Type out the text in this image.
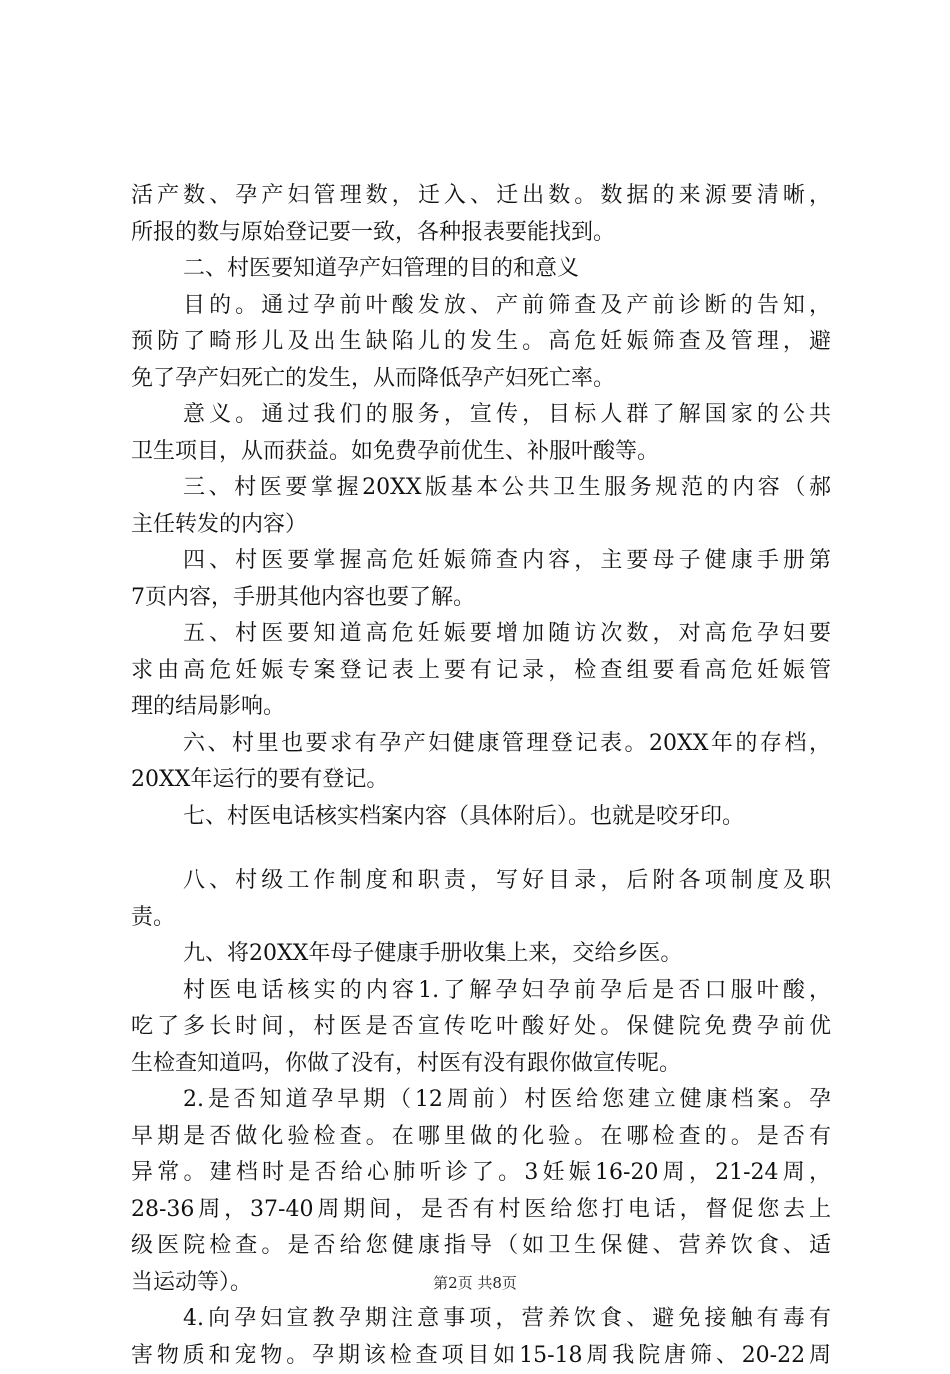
活产数、孕产妇管理数，迁入、迁出数。数据的来源要清晰，
所报的数与原始登记要一致，各种报表要能找到。
二、村医要知道孕产妇管理的目的和意义
目的。通过孕前叶酸发放、产前筛查及产前诊断的告知，
预防了畸形儿及出生缺陷儿的发生。高危妊娠筛查及管理，避
免了孕产妇死亡的发生，从而降低孕产妇死亡率。
意义。通过我们的服务，宣传，目标人群了解国家的公共
卫生项目，从而获益。如免费孕前优生、补服叶酸等。
三、村医要掌握20XX版基本公共卫生服务规范的内容（郝
主任转发的内容）
四、村医要掌握高危妊娠筛查内容，主要母子健康手册第
7页内容，手册其他内容也要了解。
五、村医要知道高危妊娠要增加随访次数，对高危孕妇要
求由高危妊娠专案登记表上要有记录，检查组要看高危妊娠管
理的结局影响。
六、村里也要求有孕产妇健康管理登记表。20XX年的存档，
20XX年运行的要有登记。
七、村医电话核实档案内容（具体附后）。也就是咬牙印。
八、村级工作制度和职责，写好目录，后附各项制度及职
责。
九、将20XX年母子健康手册收集上来，交给乡医。
村医电话核实的内容1.了解孕妇孕前孕后是否口服叶酸，
吃了多长时间，村医是否宣传吃叶酸好处。保健院免费孕前优
生检查知道吗，你做了没有，村医有没有跟你做宣传呢。
2.是否知道孕早期（12周前）村医给您建立健康档案。孕
早期是否做化验检查。在哪里做的化验。在哪检查的。是否有
异常。建档时是否给心肺听诊了。3妊娠16-20周，21-24周，
28-36周，37-40周期间，是否有村医给您打电话，督促您去上
级医院检查。是否给您健康指导（如卫生保健、营养饮食、适
当运动等）。
4.向孕妇宣教孕期注意事项，营养饮食、避免接触有毒有
害物质和宠物。孕期该检查项目如15-18周我院唐筛、20-22周
第2页 共8页
